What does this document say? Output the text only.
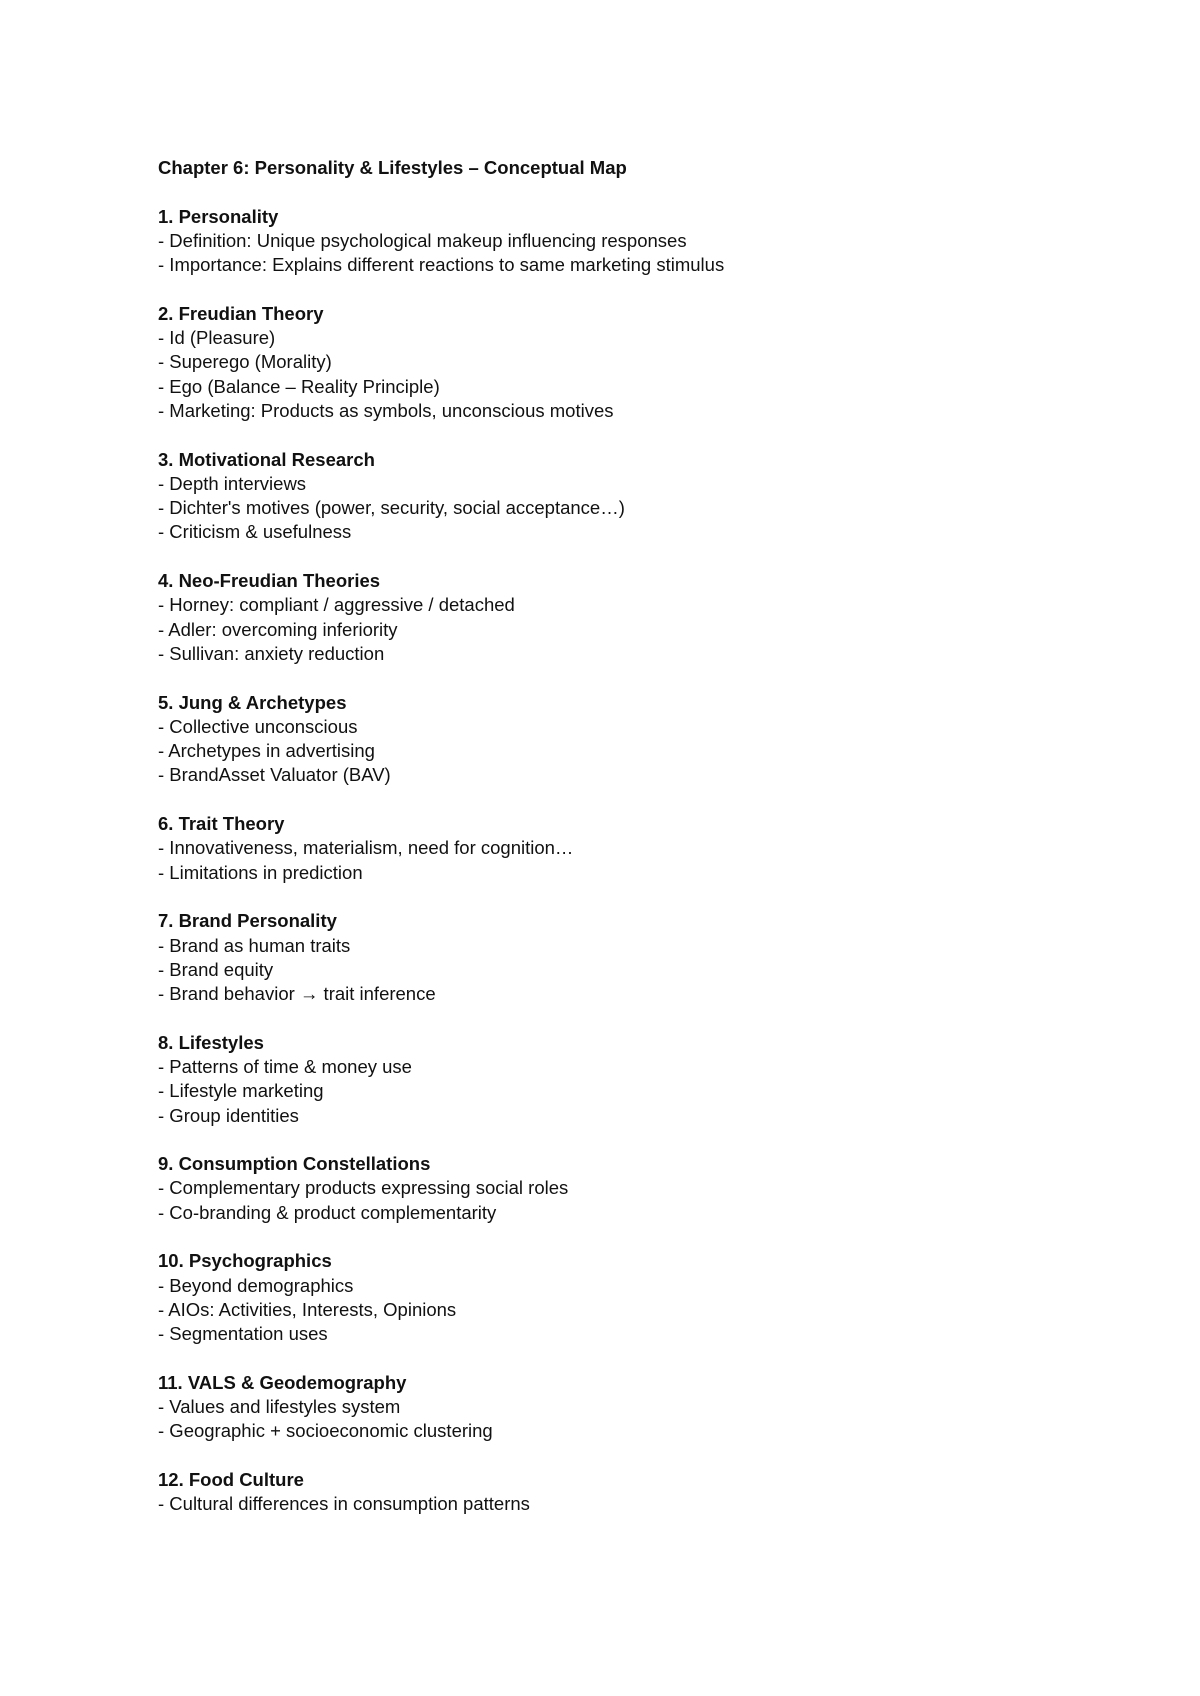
Chapter 6: Personality & Lifestyles – Conceptual Map
1. Personality
- Definition: Unique psychological makeup influencing responses
- Importance: Explains different reactions to same marketing stimulus
2. Freudian Theory
- Id (Pleasure)
- Superego (Morality)
- Ego (Balance – Reality Principle)
- Marketing: Products as symbols, unconscious motives
3. Motivational Research
- Depth interviews
- Dichter's motives (power, security, social acceptance…)
- Criticism & usefulness
4. Neo-Freudian Theories
- Horney: compliant / aggressive / detached
- Adler: overcoming inferiority
- Sullivan: anxiety reduction
5. Jung & Archetypes
- Collective unconscious
- Archetypes in advertising
- BrandAsset Valuator (BAV)
6. Trait Theory
- Innovativeness, materialism, need for cognition…
- Limitations in prediction
7. Brand Personality
- Brand as human traits
- Brand equity
- Brand behavior → trait inference
8. Lifestyles
- Patterns of time & money use
- Lifestyle marketing
- Group identities
9. Consumption Constellations
- Complementary products expressing social roles
- Co-branding & product complementarity
10. Psychographics
- Beyond demographics
- AIOs: Activities, Interests, Opinions
- Segmentation uses
11. VALS & Geodemography
- Values and lifestyles system
- Geographic + socioeconomic clustering
12. Food Culture
- Cultural differences in consumption patterns
